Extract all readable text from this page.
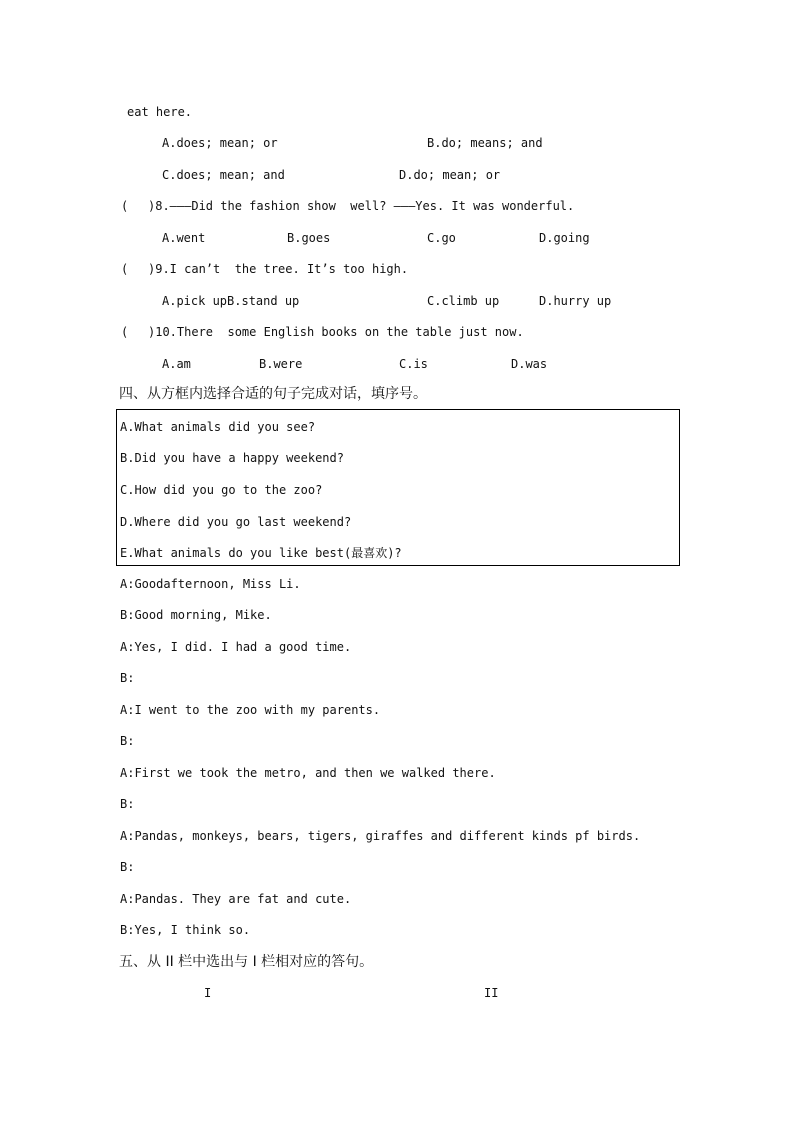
eat here.
A.does; mean; or	B.do; means; and
C.does; mean; and	D.do; mean; or
( )8.———Did the fashion show  well? ———Yes. It was wonderful.
A.went	B.goes	C.go	D.going
( )9.I can’t  the tree. It’s too high.
A.pick upB.stand up	C.climb up	D.hurry up
( )10.There  some English books on the table just now.
A.am	B.were	C.is	D.was
四、从方框内选择合适的句子完成对话，填序号。
A.What animals did you see?
B.Did you have a happy weekend?
C.How did you go to the zoo?
D.Where did you go last weekend?
E.What animals do you like best(最喜欢)?
A:Goodafternoon, Miss Li.
B:Good morning, Mike.
A:Yes, I did. I had a good time.
B:
A:I went to the zoo with my parents.
B:
A:First we took the metro, and then we walked there.
B:
A:Pandas, monkeys, bears, tigers, giraffes and different kinds pf birds.
B:
A:Pandas. They are fat and cute.
B:Yes, I think so.
五、从 II 栏中选出与 I 栏相对应的答句。
I	II
